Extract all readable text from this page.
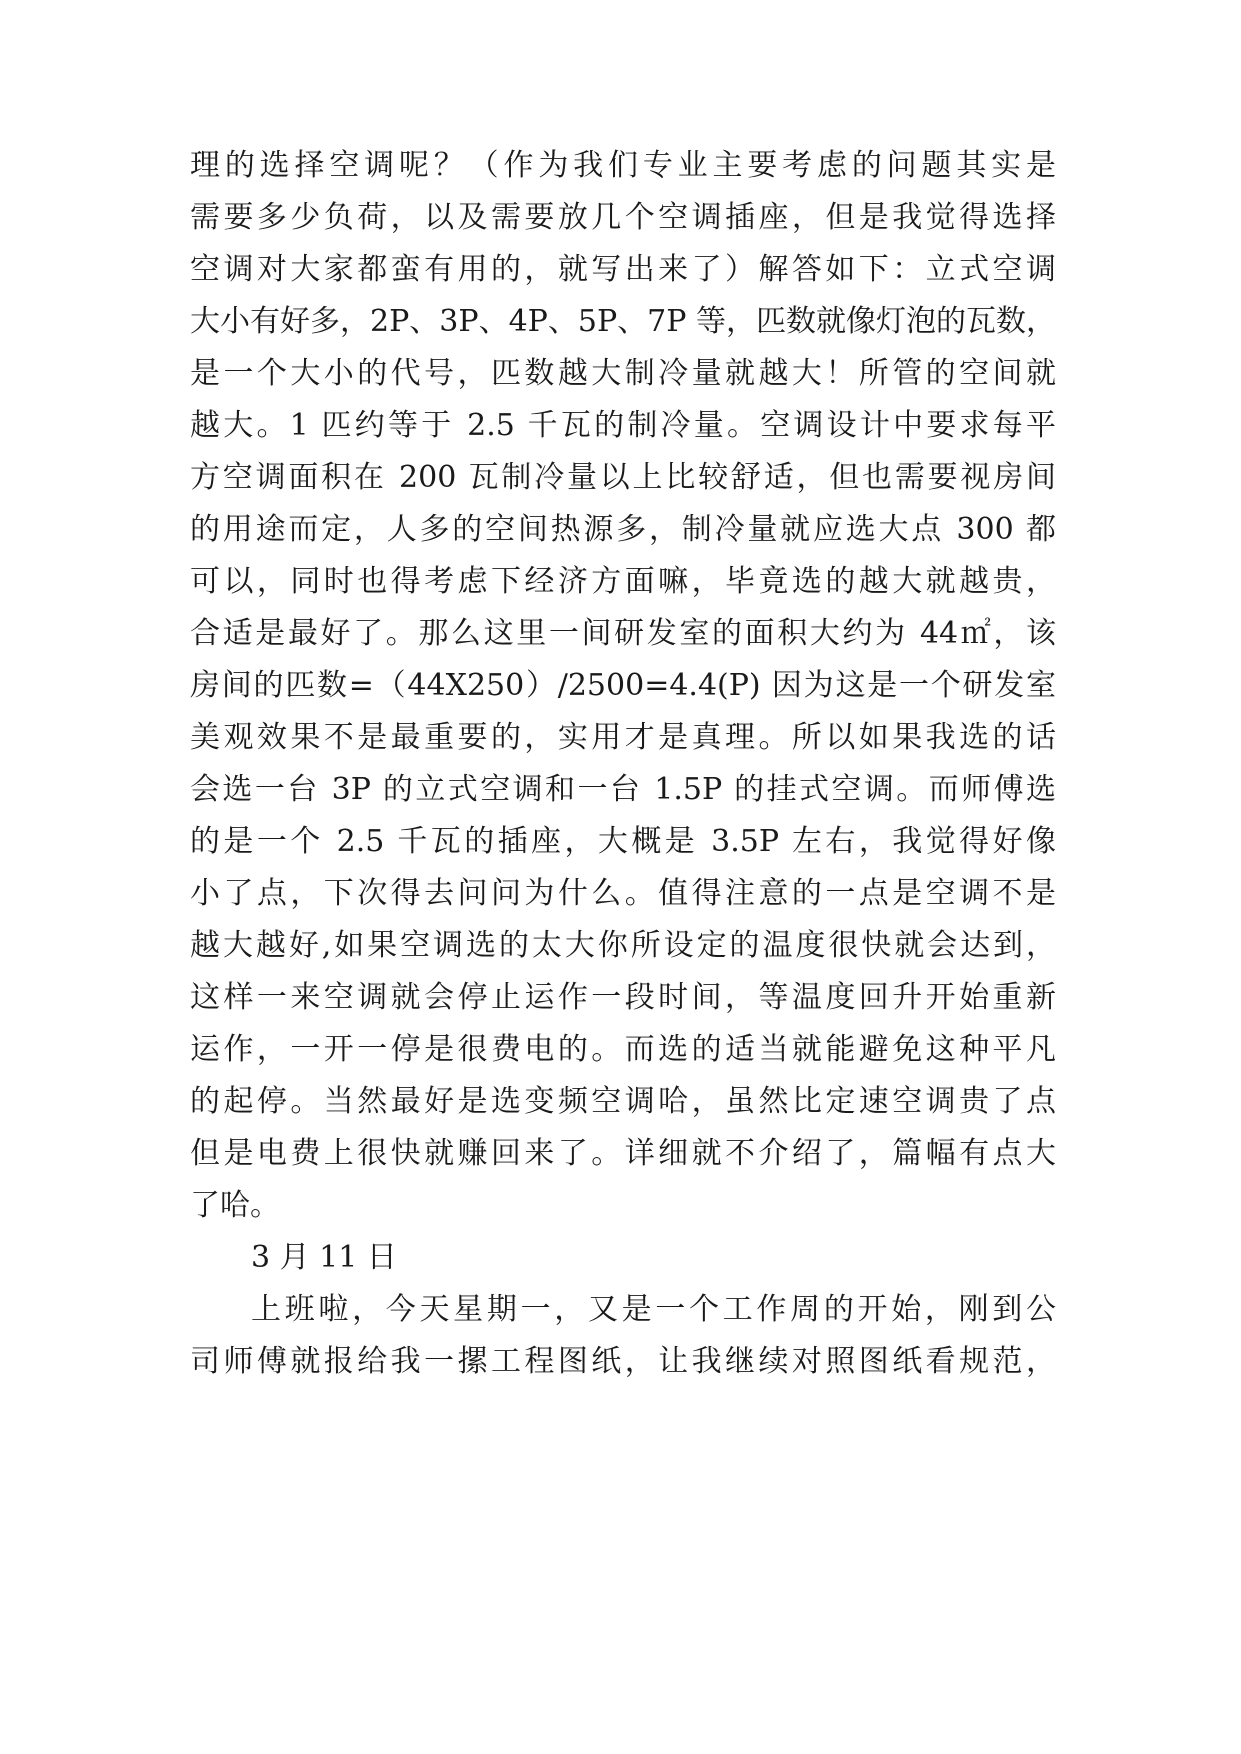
理的选择空调呢？（作为我们专业主要考虑的问题其实是
需要多少负荷，以及需要放几个空调插座，但是我觉得选择
空调对大家都蛮有用的，就写出来了）解答如下：立式空调
大小有好多，2P、3P、4P、5P、7P 等，匹数就像灯泡的瓦数，
是一个大小的代号，匹数越大制冷量就越大！所管的空间就
越大。1 匹约等于 2.5 千瓦的制冷量。空调设计中要求每平
方空调面积在 200 瓦制冷量以上比较舒适，但也需要视房间
的用途而定，人多的空间热源多，制冷量就应选大点 300 都
可以，同时也得考虑下经济方面嘛，毕竟选的越大就越贵，
合适是最好了。那么这里一间研发室的面积大约为 44㎡，该
房间的匹数=（44X250）/2500=4.4(P) 因为这是一个研发室
美观效果不是最重要的，实用才是真理。所以如果我选的话
会选一台 3P 的立式空调和一台 1.5P 的挂式空调。而师傅选
的是一个 2.5 千瓦的插座，大概是 3.5P 左右，我觉得好像
小了点，下次得去问问为什么。值得注意的一点是空调不是
越大越好,如果空调选的太大你所设定的温度很快就会达到，
这样一来空调就会停止运作一段时间，等温度回升开始重新
运作，一开一停是很费电的。而选的适当就能避免这种平凡
的起停。当然最好是选变频空调哈，虽然比定速空调贵了点
但是电费上很快就赚回来了。详细就不介绍了，篇幅有点大
了哈。
3 月 11 日
上班啦，今天星期一，又是一个工作周的开始，刚到公
司师傅就报给我一摞工程图纸，让我继续对照图纸看规范，
